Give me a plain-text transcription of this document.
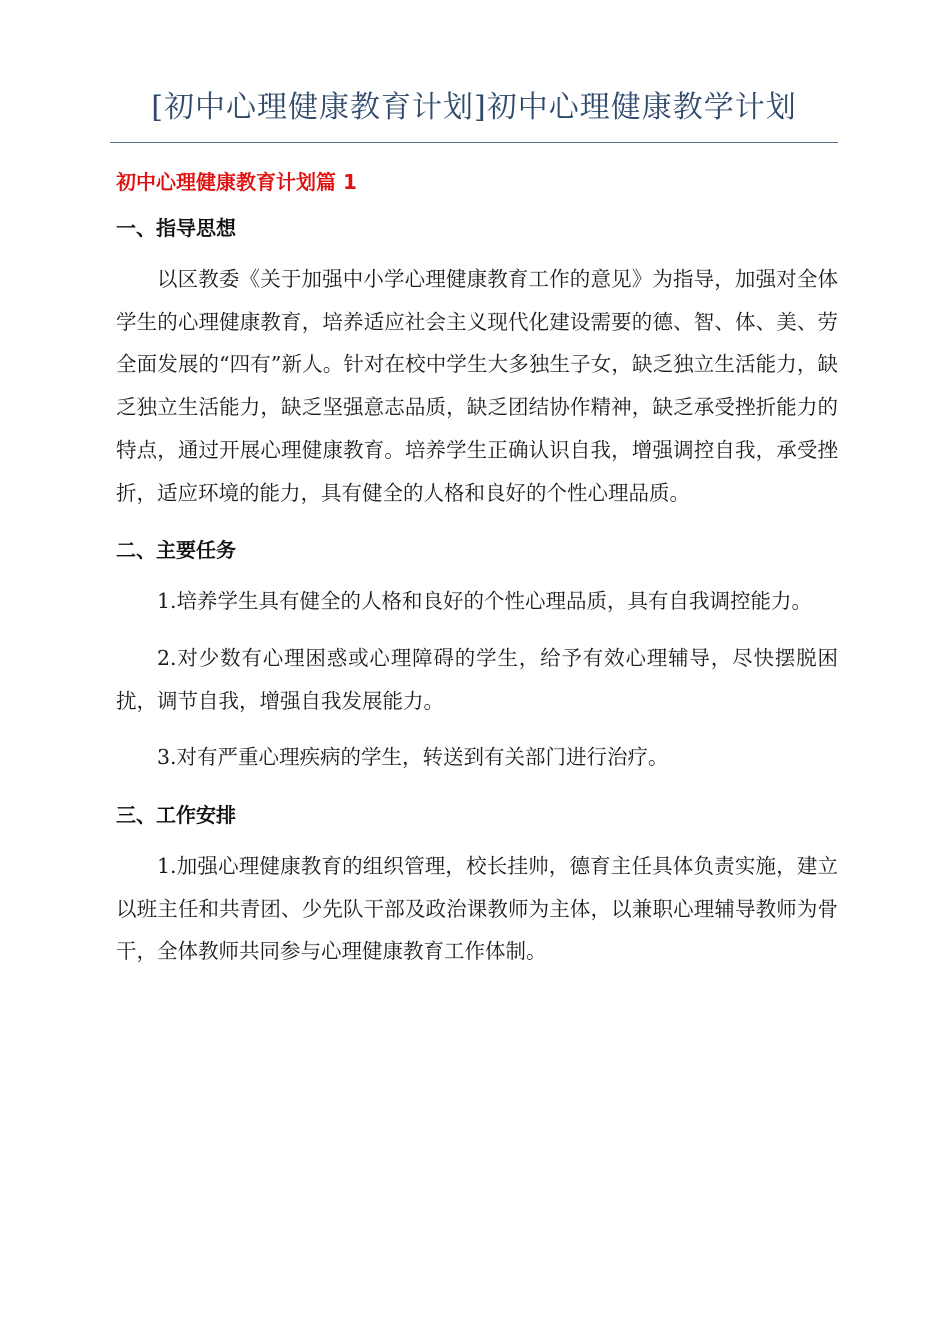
[初中心理健康教育计划]初中心理健康教学计划
初中心理健康教育计划篇 1
一、指导思想

以区教委《关于加强中小学心理健康教育工作的意见》为指导，加强对全体学生的心理健康教育，培养适应社会主义现代化建设需要的德、智、体、美、劳全面发展的“四有”新人。针对在校中学生大多独生子女，缺乏独立生活能力，缺乏独立生活能力，缺乏坚强意志品质，缺乏团结协作精神，缺乏承受挫折能力的特点，通过开展心理健康教育。培养学生正确认识自我，增强调控自我，承受挫折，适应环境的能力，具有健全的人格和良好的个性心理品质。

二、主要任务

1.培养学生具有健全的人格和良好的个性心理品质，具有自我调控能力。

2.对少数有心理困惑或心理障碍的学生，给予有效心理辅导，尽快摆脱困扰，调节自我，增强自我发展能力。

3.对有严重心理疾病的学生，转送到有关部门进行治疗。

三、工作安排

1.加强心理健康教育的组织管理，校长挂帅，德育主任具体负责实施，建立以班主任和共青团、少先队干部及政治课教师为主体，以兼职心理辅导教师为骨干，全体教师共同参与心理健康教育工作体制。
